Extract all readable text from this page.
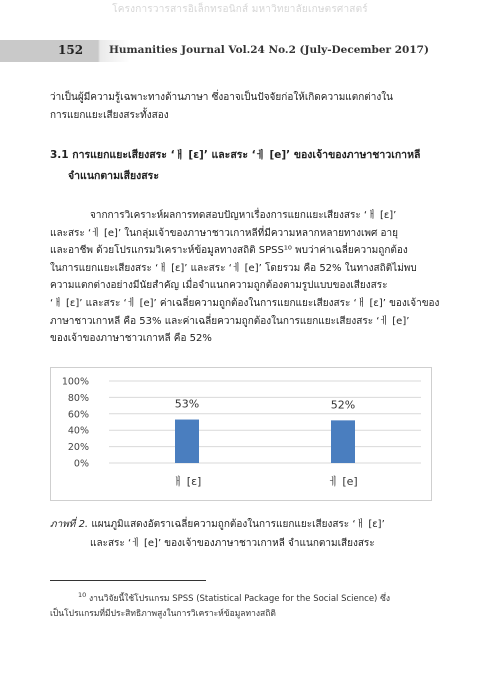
โครงการวารสารอิเล็กทรอนิกส์ มหาวิทยาลัยเกษตรศาสตร์
152 Humanities Journal Vol.24 No.2 (July-December 2017)

ว่าเป็นผู้มีความรู้เฉพาะทางด้านภาษา ซึ่งอาจเป็นปัจจัยก่อให้เกิดความแตกต่างใน
การแยกแยะเสียงสระทั้งสอง

3.1 การแยกแยะเสียงสระ ‘ㅐ [ɛ]’ และสระ ‘ㅔ [e]’ ของเจ้าของภาษาชาวเกาหลี
จำแนกตามเสียงสระ

จากการวิเคราะห์ผลการทดสอบปัญหาเรื่องการแยกแยะเสียงสระ ‘ㅐ [ɛ]’
และสระ ‘ㅔ [e]’ ในกลุ่มเจ้าของภาษาชาวเกาหลีที่มีความหลากหลายทางเพศ อายุ
และอาชีพ ด้วยโปรแกรมวิเคราะห์ข้อมูลทางสถิติ SPSS¹⁰ พบว่าค่าเฉลี่ยความถูกต้อง
ในการแยกแยะเสียงสระ ‘ㅐ [ɛ]’ และสระ ‘ㅔ [e]’ โดยรวม คือ 52% ในทางสถิติไม่พบ
ความแตกต่างอย่างมีนัยสำคัญ เมื่อจำแนกความถูกต้องตามรูปแบบของเสียงสระ
‘ㅐ [ɛ]’ และสระ ‘ㅔ [e]’ ค่าเฉลี่ยความถูกต้องในการแยกแยะเสียงสระ ‘ㅐ [ɛ]’ ของเจ้าของ
ภาษาชาวเกาหลี คือ 53% และค่าเฉลี่ยความถูกต้องในการแยกแยะเสียงสระ ‘ㅔ [e]’
ของเจ้าของภาษาชาวเกาหลี คือ 52%

100%
80%
60%
40%
20%
0%
53%
ㅐ [ɛ]
52%
ㅔ [e]
ภาพที่ 2. แผนภูมิแสดงอัตราเฉลี่ยความถูกต้องในการแยกแยะเสียงสระ ‘ㅐ [ɛ]’
และสระ ‘ㅔ [e]’ ของเจ้าของภาษาชาวเกาหลี จำแนกตามเสียงสระ
$^{10}$ งานวิจัยนี้ใช้โปรแกรม SPSS (Statistical Package for the Social Science) ซึ่ง
เป็นโปรแกรมที่มีประสิทธิภาพสูงในการวิเคราะห์ข้อมูลทางสถิติ
